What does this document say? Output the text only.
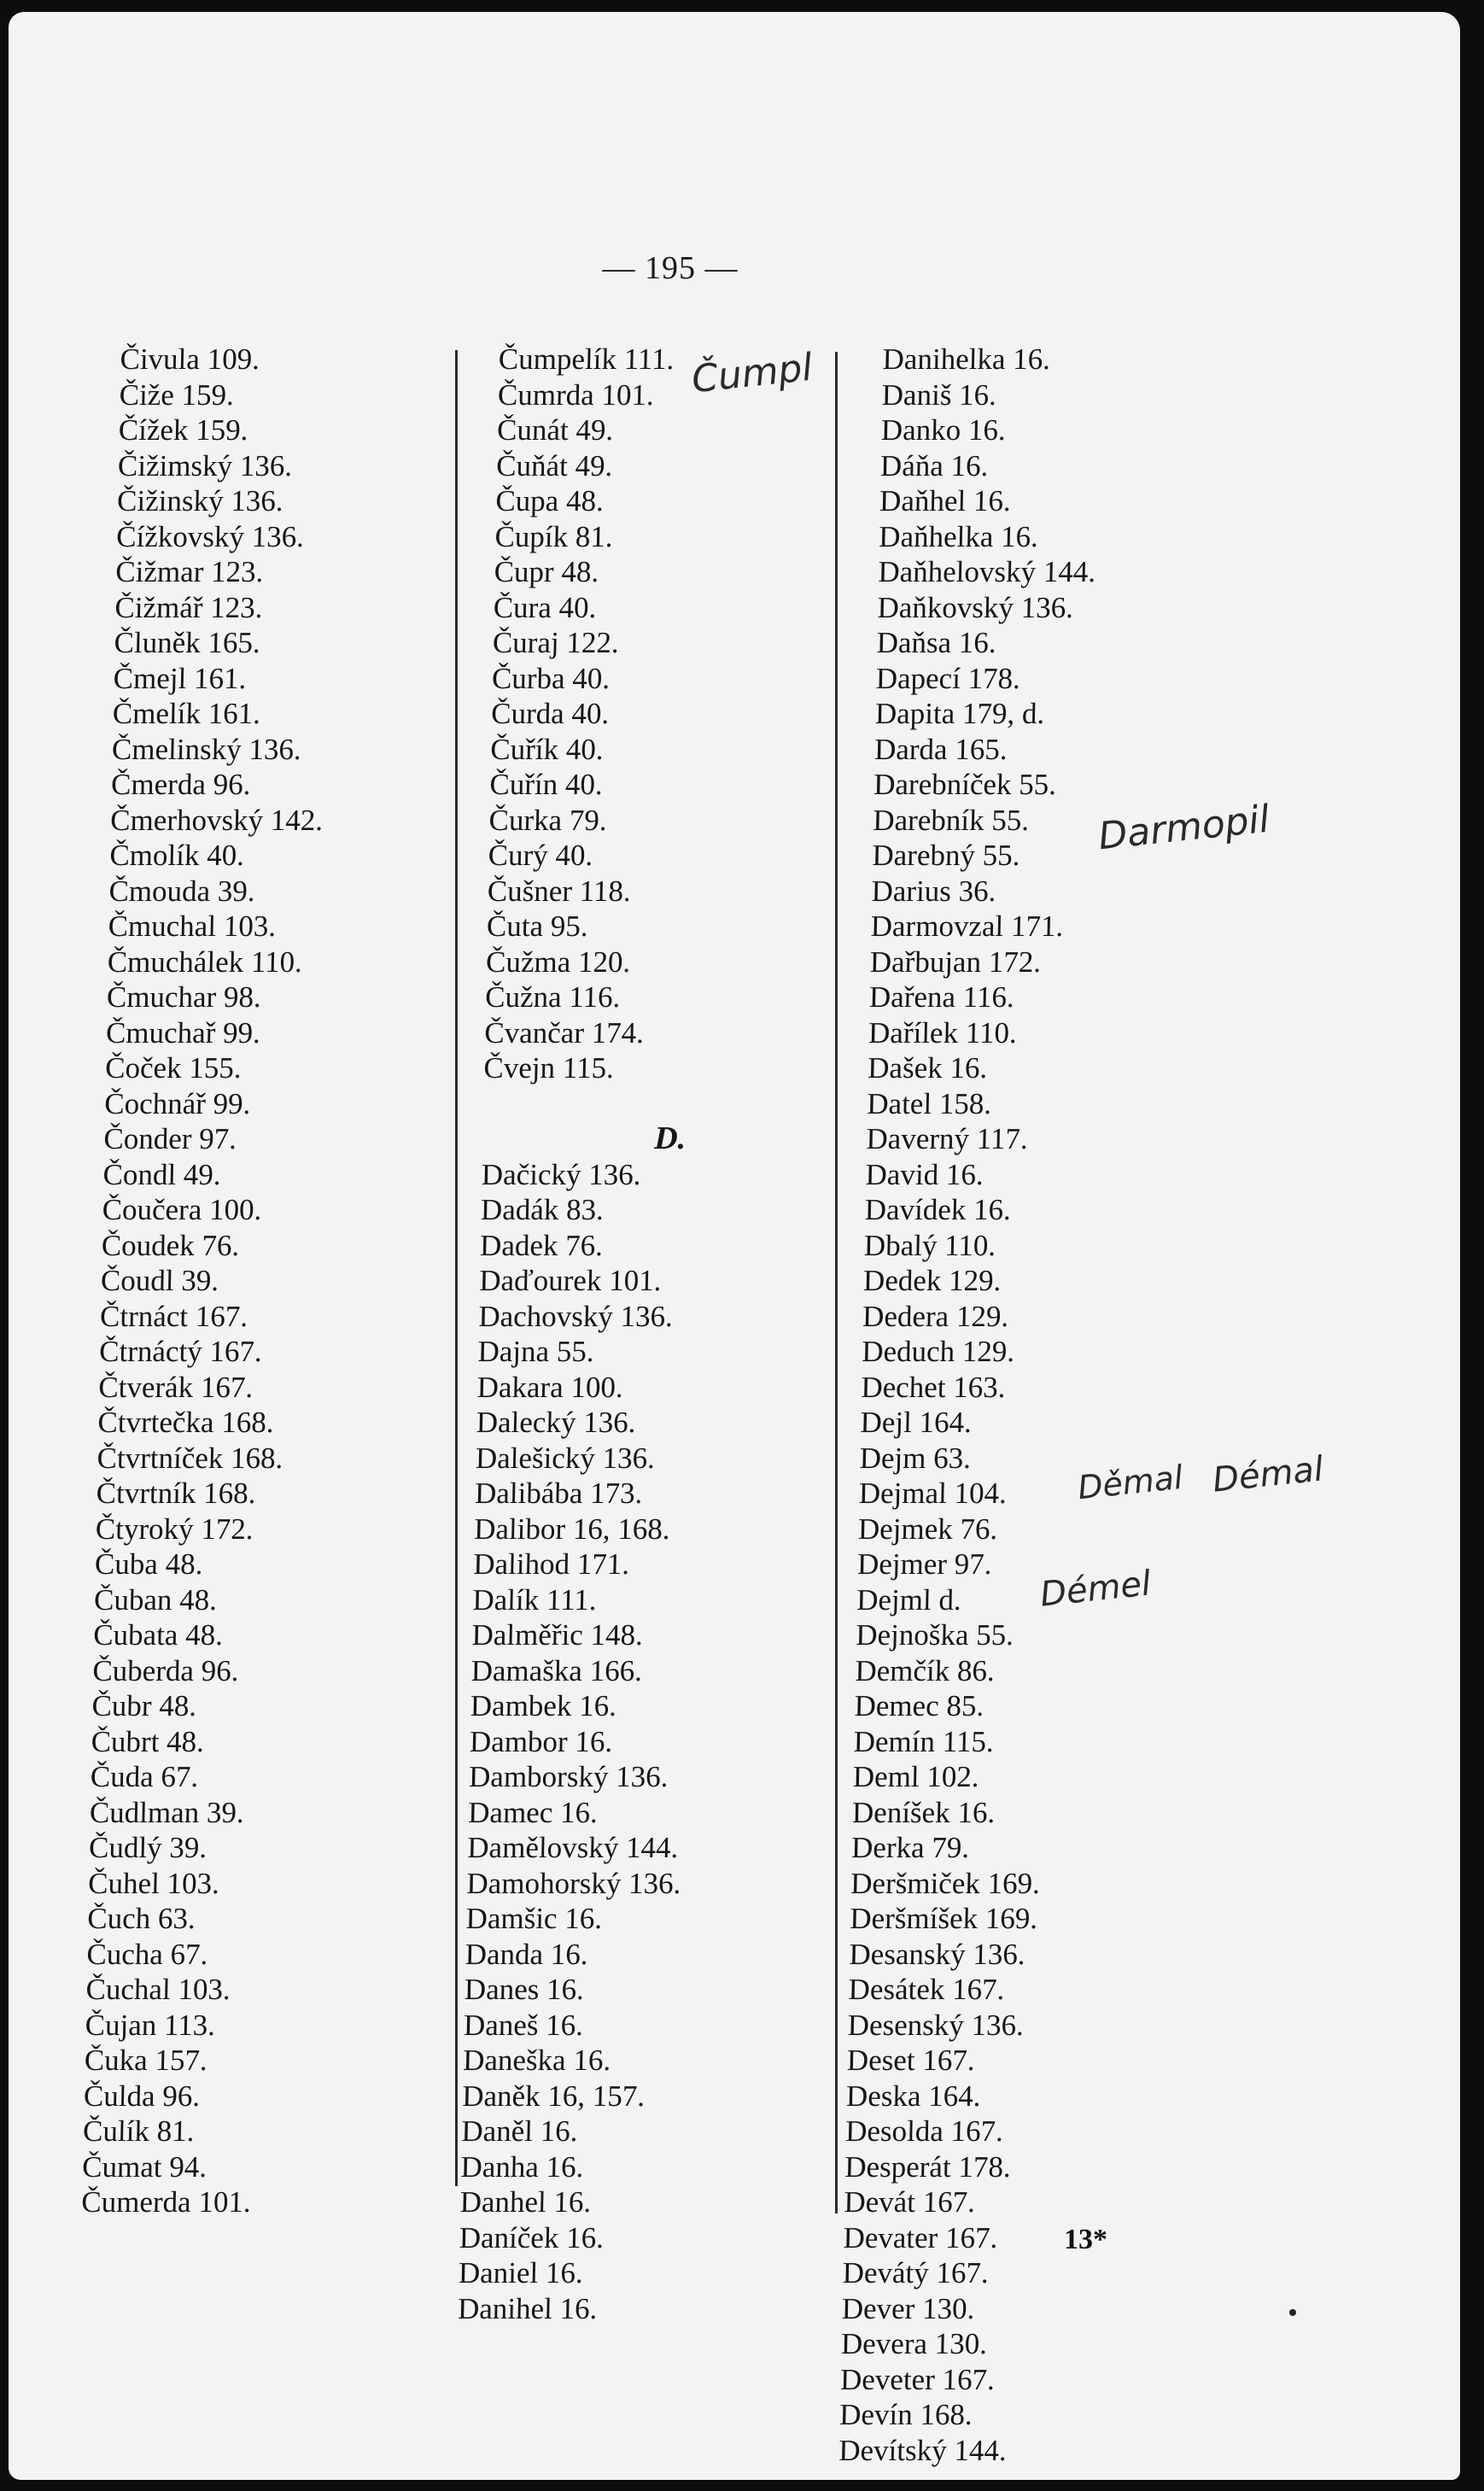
— 195 —
Čivula 109.
Čiže 159.
Čížek 159.
Čižimský 136.
Čižinský 136.
Čížkovský 136.
Čižmar 123.
Čižmář 123.
Čluněk 165.
Čmejl 161.
Čmelík 161.
Čmelinský 136.
Čmerda 96.
Čmerhovský 142.
Čmolík 40.
Čmouda 39.
Čmuchal 103.
Čmuchálek 110.
Čmuchar 98.
Čmuchař 99.
Čoček 155.
Čochnář 99.
Čonder 97.
Čondl 49.
Čoučera 100.
Čoudek 76.
Čoudl 39.
Čtrnáct 167.
Čtrnáctý 167.
Čtverák 167.
Čtvrtečka 168.
Čtvrtníček 168.
Čtvrtník 168.
Čtyroký 172.
Čuba 48.
Čuban 48.
Čubata 48.
Čuberda 96.
Čubr 48.
Čubrt 48.
Čuda 67.
Čudlman 39.
Čudlý 39.
Čuhel 103.
Čuch 63.
Čucha 67.
Čuchal 103.
Čujan 113.
Čuka 157.
Čulda 96.
Čulík 81.
Čumat 94.
Čumerda 101.
Čumpelík 111.
Čumrda 101.
Čunát 49.
Čuňát 49.
Čupa 48.
Čupík 81.
Čupr 48.
Čura 40.
Čuraj 122.
Čurba 40.
Čurda 40.
Čuřík 40.
Čuřín 40.
Čurka 79.
Čurý 40.
Čušner 118.
Čuta 95.
Čužma 120.
Čužna 116.
Čvančar 174.
Čvejn 115.
D.
Dačický 136.
Dadák 83.
Dadek 76.
Daďourek 101.
Dachovský 136.
Dajna 55.
Dakara 100.
Dalecký 136.
Dalešický 136.
Dalibába 173.
Dalibor 16, 168.
Dalihod 171.
Dalík 111.
Dalměřic 148.
Damaška 166.
Dambek 16.
Dambor 16.
Damborský 136.
Damec 16.
Damělovský 144.
Damohorský 136.
Damšic 16.
Danda 16.
Danes 16.
Daneš 16.
Daneška 16.
Daněk 16, 157.
Daněl 16.
Danha 16.
Danhel 16.
Daníček 16.
Daniel 16.
Danihel 16.
Danihelka 16.
Daniš 16.
Danko 16.
Dáňa 16.
Daňhel 16.
Daňhelka 16.
Daňhelovský 144.
Daňkovský 136.
Daňsa 16.
Dapecí 178.
Dapita 179, d.
Darda 165.
Darebníček 55.
Darebník 55.
Darebný 55.
Darius 36.
Darmovzal 171.
Dařbujan 172.
Dařena 116.
Dařílek 110.
Dašek 16.
Datel 158.
Daverný 117.
David 16.
Davídek 16.
Dbalý 110.
Dedek 129.
Dedera 129.
Deduch 129.
Dechet 163.
Dejl 164.
Dejm 63.
Dejmal 104.
Dejmek 76.
Dejmer 97.
Dejml d.
Dejnoška 55.
Demčík 86.
Demec 85.
Demín 115.
Deml 102.
Deníšek 16.
Derka 79.
Deršmiček 169.
Deršmíšek 169.
Desanský 136.
Desátek 167.
Desenský 136.
Deset 167.
Deska 164.
Desolda 167.
Desperát 178.
Devát 167.
Devater 167.
Devátý 167.
Dever 130.
Devera 130.
Deveter 167.
Devín 168.
Devítský 144.
13*
Čumpl
Darmopil
Děmal Démal
Démel
